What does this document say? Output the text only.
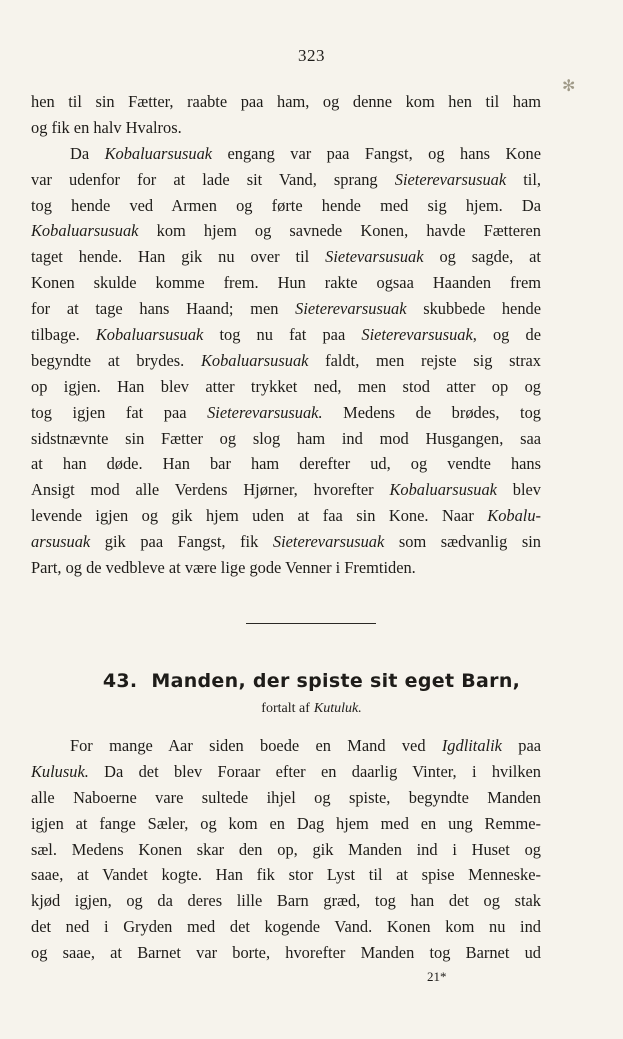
323
✻
hen til sin Fætter, raabte paa ham, og denne kom hen til ham
og fik en halv Hvalros.
Da Kobaluarsusuak engang var paa Fangst, og hans Kone
var udenfor for at lade sit Vand, sprang Sieterevarsusuak til,
tog hende ved Armen og førte hende med sig hjem. Da
Kobaluarsusuak kom hjem og savnede Konen, havde Fætteren
taget hende. Han gik nu over til Sietevarsusuak og sagde, at
Konen skulde komme frem. Hun rakte ogsaa Haanden frem
for at tage hans Haand; men Sieterevarsusuak skubbede hende
tilbage. Kobaluarsusuak tog nu fat paa Sieterevarsusuak, og de
begyndte at brydes. Kobaluarsusuak faldt, men rejste sig strax
op igjen. Han blev atter trykket ned, men stod atter op og
tog igjen fat paa Sieterevarsusuak. Medens de brødes, tog
sidstnævnte sin Fætter og slog ham ind mod Husgangen, saa
at han døde. Han bar ham derefter ud, og vendte hans
Ansigt mod alle Verdens Hjørner, hvorefter Kobaluarsusuak blev
levende igjen og gik hjem uden at faa sin Kone. Naar Kobalu-
arsusuak gik paa Fangst, fik Sieterevarsusuak som sædvanlig sin
Part, og de vedbleve at være lige gode Venner i Fremtiden.
43. Manden, der spiste sit eget Barn,
fortalt af Kutuluk.
For mange Aar siden boede en Mand ved Igdlitalik paa
Kulusuk. Da det blev Foraar efter en daarlig Vinter, i hvilken
alle Naboerne vare sultede ihjel og spiste, begyndte Manden
igjen at fange Sæler, og kom en Dag hjem med en ung Remme-
sæl. Medens Konen skar den op, gik Manden ind i Huset og
saae, at Vandet kogte. Han fik stor Lyst til at spise Menneske-
kjød igjen, og da deres lille Barn græd, tog han det og stak
det ned i Gryden med det kogende Vand. Konen kom nu ind
og saae, at Barnet var borte, hvorefter Manden tog Barnet ud
21*
